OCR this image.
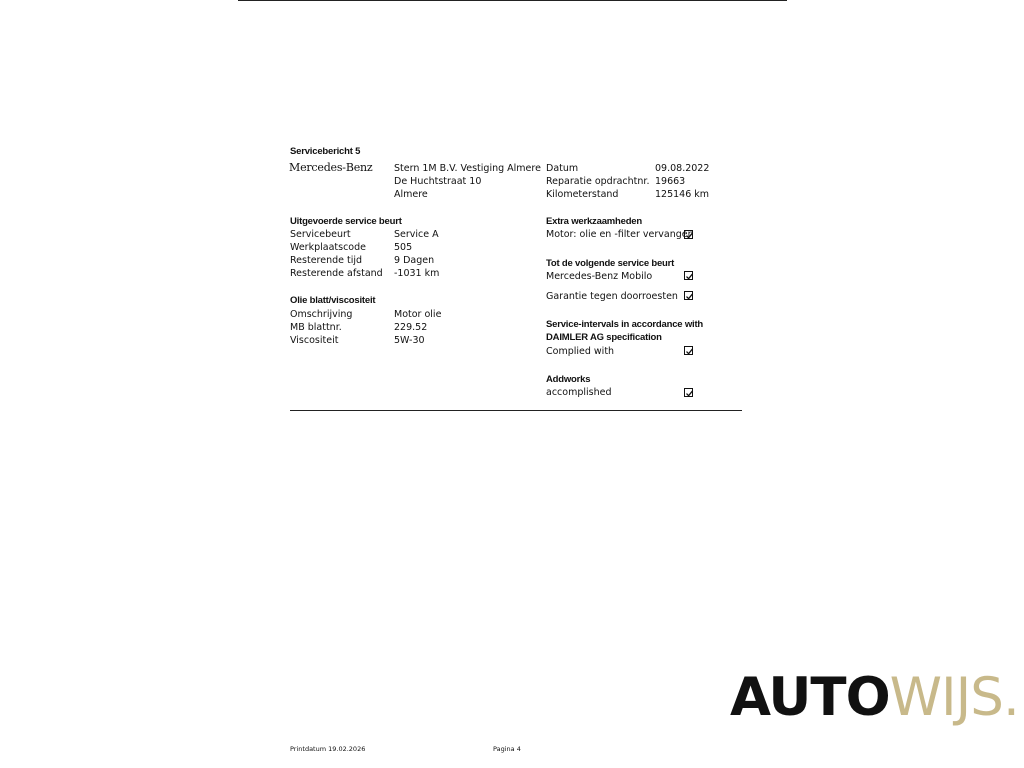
Servicebericht 5
Mercedes-Benz Stern 1M B.V. Vestiging Almere
De Huchtstraat 10
Almere
Datum	09.08.2022
Reparatie opdrachtnr. 19663
Kilometerstand	125146 km
Uitgevoerde service beurt
Servicebeurt	Service A
Werkplaatscode	505
Resterende tijd	9 Dagen
Resterende afstand -1031 km
Olie blatt/viscositeit
Omschrijving	Motor olie
MB blattnr.	229.52
Viscositeit	5W-30
Extra werkzaamheden
Motor: olie en -filter vervangen
Tot de volgende service beurt
Mercedes-Benz Mobilo
Garantie tegen doorroesten
Service-intervals in accordance with
DAIMLER AG specification
Complied with
Addworks
accomplished
Printdatum 19.02.2026	Pagina 4
AUTOWIJS.
